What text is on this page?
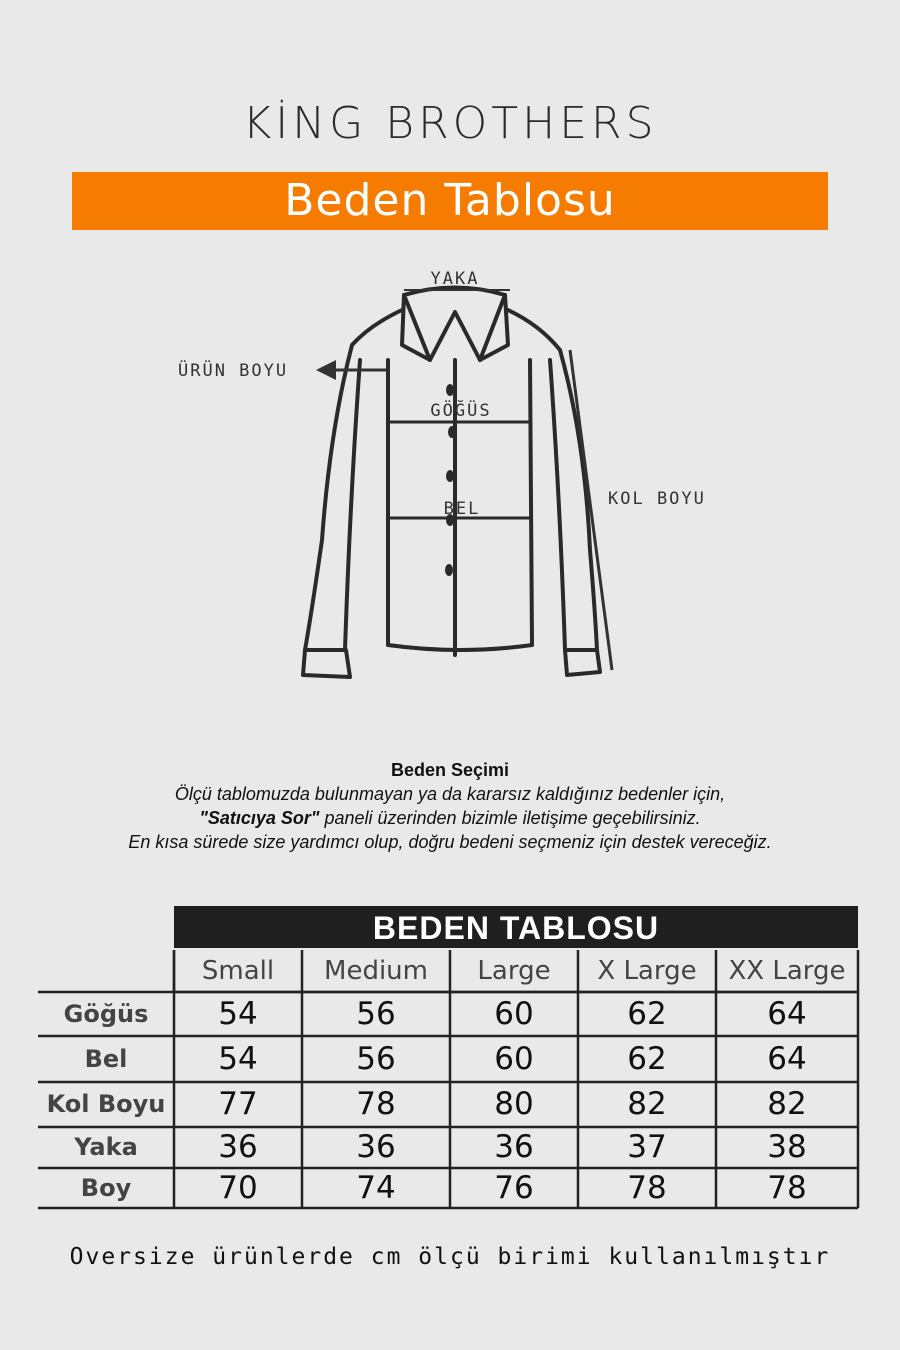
KİNG BROTHERS
Beden Tablosu
YAKA
ÜRÜN BOYU
GÖĞÜS
BEL	KOL BOYU
Beden Seçimi
Ölçü tablomuzda bulunmayan ya da kararsız kaldığınız bedenler için,
"Satıcıya Sor" paneli üzerinden bizimle iletişime geçebilirsiniz.
En kısa sürede size yardımcı olup, doğru bedeni seçmeniz için destek vereceğiz.
BEDEN TABLOSU
Small	Medium	Large	X Large	XX Large
Göğüs	54	56	60	62	64
Bel	54	56	60	62	64
Kol Boyu	77	78	80	82	82
Yaka	36	36	36	37	38
Boy	70	74	76	78	78
Oversize ürünlerde cm ölçü birimi kullanılmıştır
